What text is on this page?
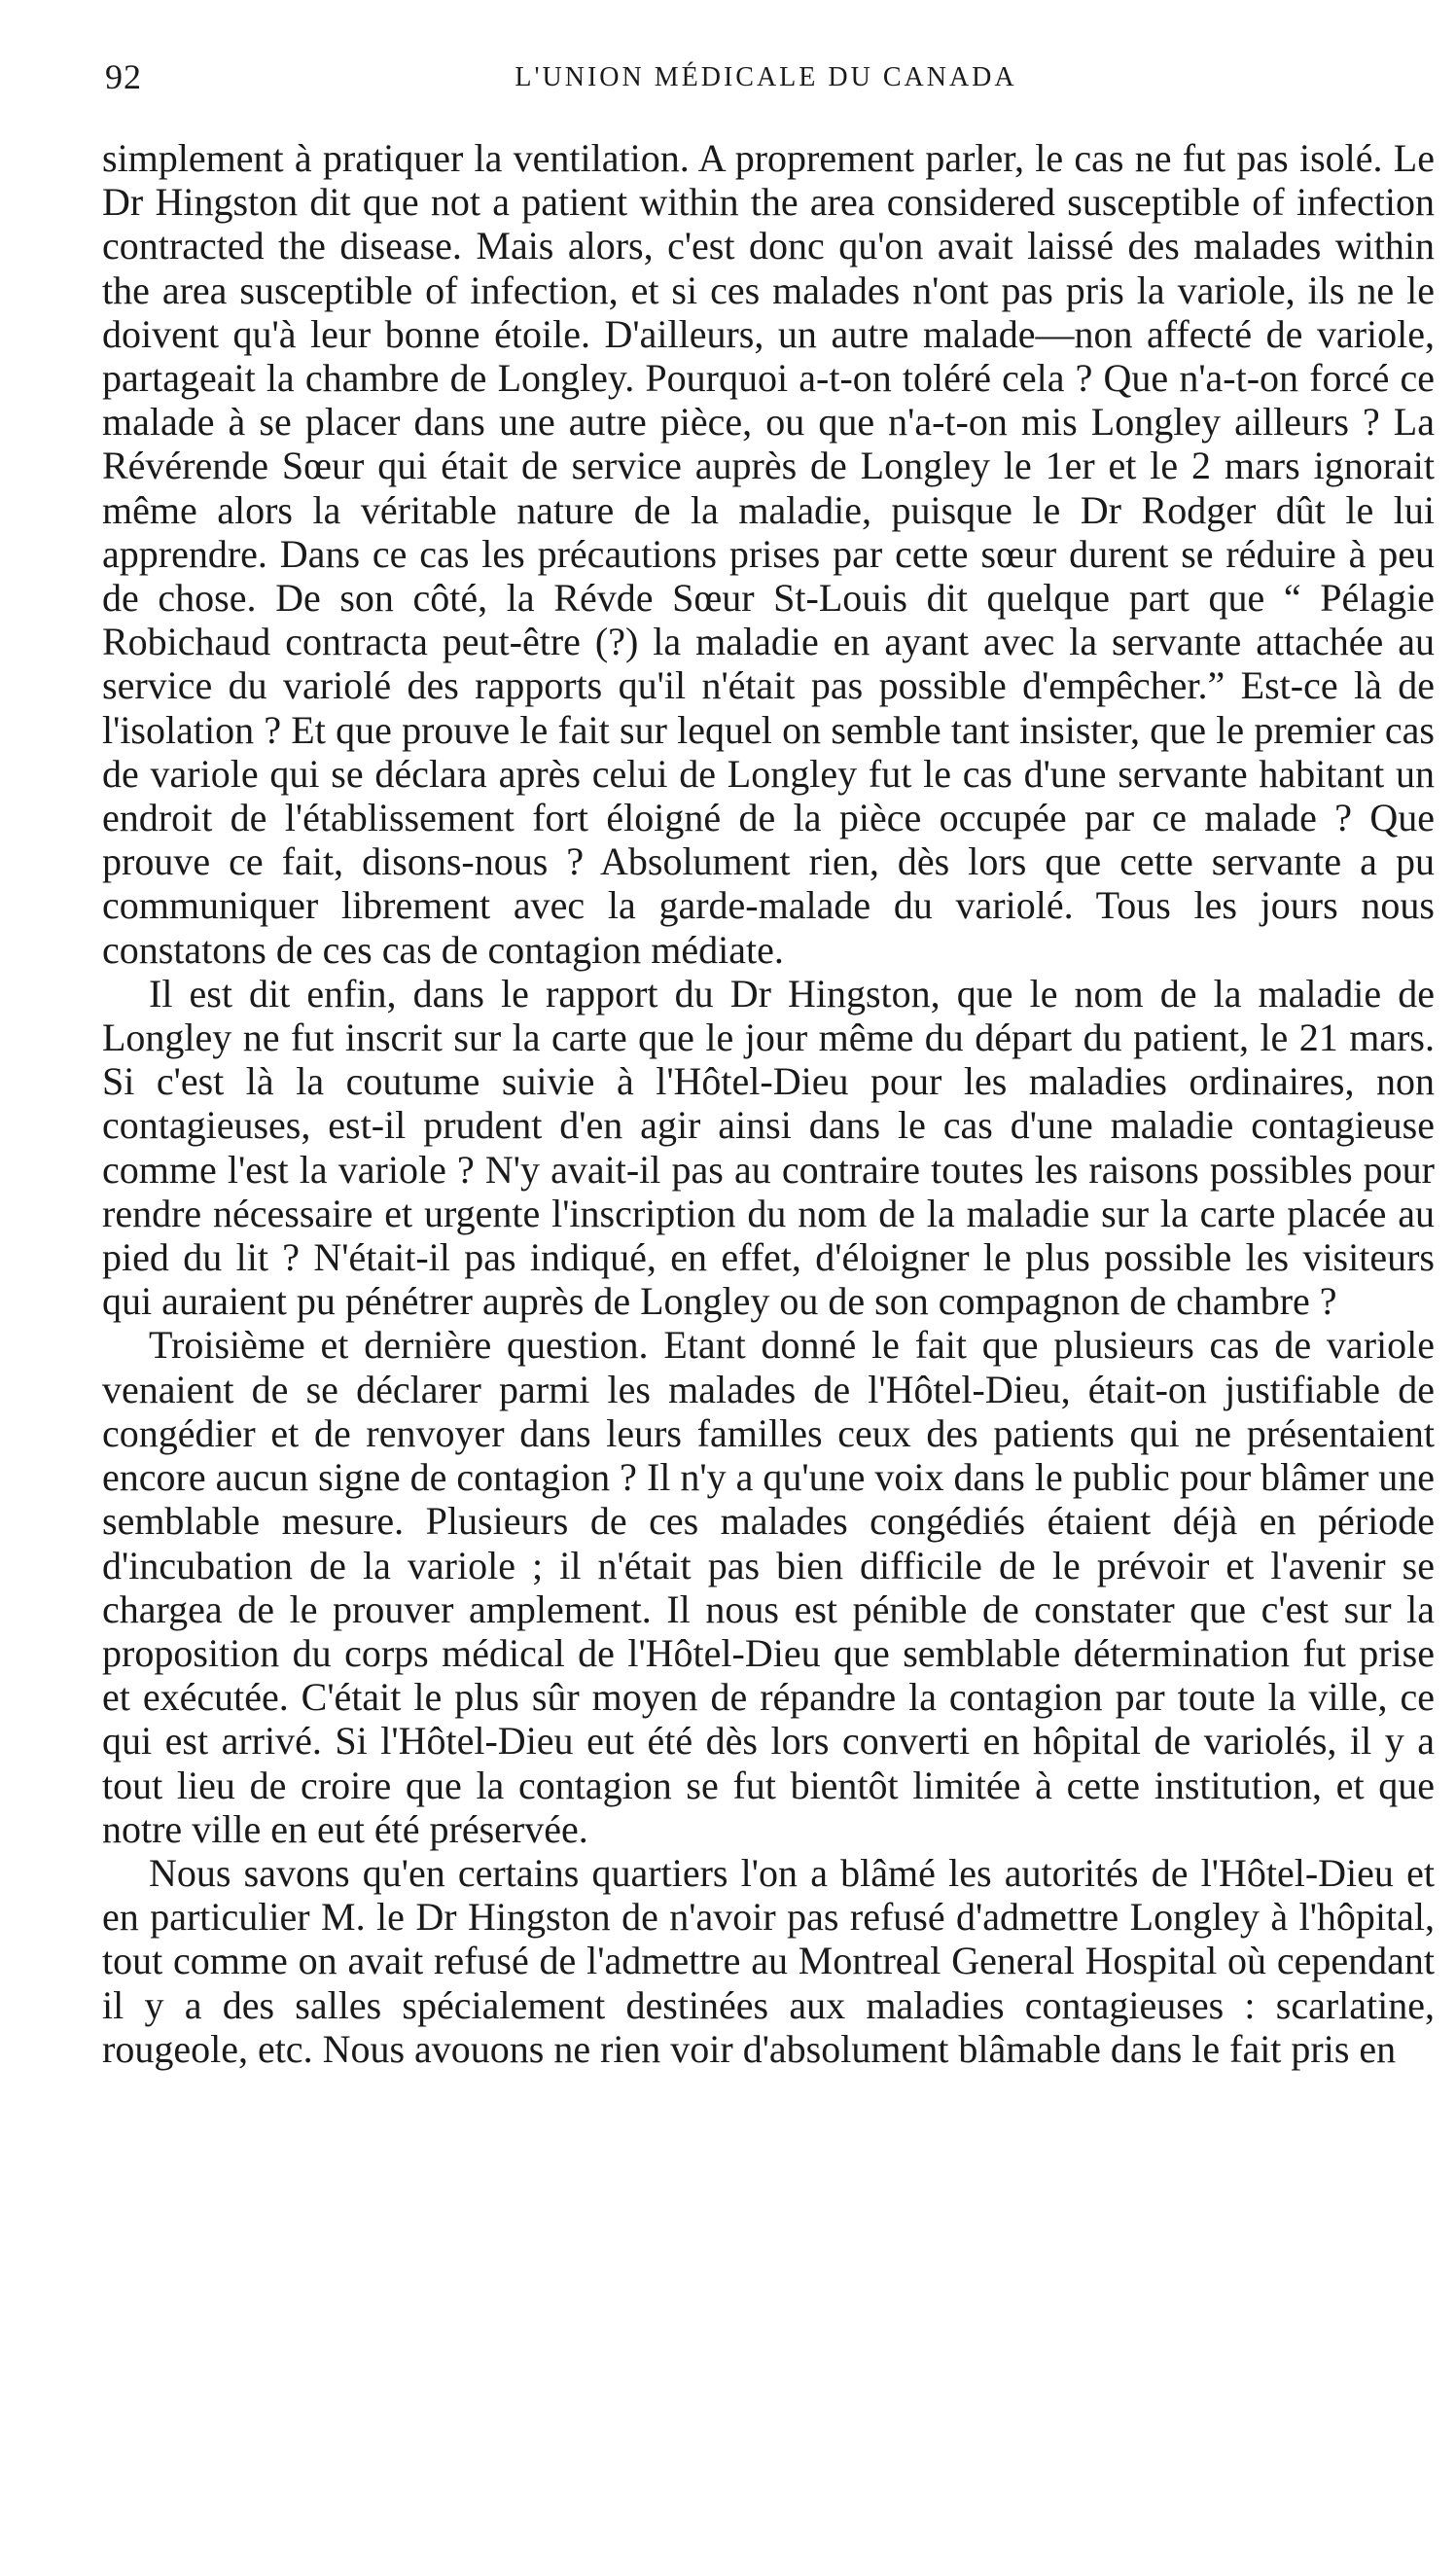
92	L'UNION MÉDICALE DU CANADA

simplement à pratiquer la ventilation. A proprement parler, le cas ne fut pas isolé. Le Dr Hingston dit que not a patient within the area considered susceptible of infection contracted the disease. Mais alors, c'est donc qu'on avait laissé des malades within the area susceptible of infection, et si ces malades n'ont pas pris la variole, ils ne le doivent qu'à leur bonne étoile. D'ailleurs, un autre malade—non affecté de variole, partageait la chambre de Longley. Pourquoi a-t-on toléré cela ? Que n'a-t-on forcé ce malade à se placer dans une autre pièce, ou que n'a-t-on mis Longley ailleurs ? La Révérende Sœur qui était de service auprès de Longley le 1er et le 2 mars ignorait même alors la véritable nature de la maladie, puisque le Dr Rodger dût le lui apprendre. Dans ce cas les précautions prises par cette sœur durent se réduire à peu de chose. De son côté, la Révde Sœur St-Louis dit quelque part que “ Pélagie Robichaud contracta peut-être (?) la maladie en ayant avec la servante attachée au service du variolé des rapports qu'il n'était pas possible d'empêcher.” Est-ce là de l'isolation ? Et que prouve le fait sur lequel on semble tant insister, que le premier cas de variole qui se déclara après celui de Longley fut le cas d'une servante habitant un endroit de l'établissement fort éloigné de la pièce occupée par ce malade ? Que prouve ce fait, disons-nous ? Absolument rien, dès lors que cette servante a pu communiquer librement avec la garde-malade du variolé. Tous les jours nous constatons de ces cas de contagion médiate.

Il est dit enfin, dans le rapport du Dr Hingston, que le nom de la maladie de Longley ne fut inscrit sur la carte que le jour même du départ du patient, le 21 mars. Si c'est là la coutume suivie à l'Hôtel-Dieu pour les maladies ordinaires, non contagieuses, est-il prudent d'en agir ainsi dans le cas d'une maladie contagieuse comme l'est la variole ? N'y avait-il pas au contraire toutes les raisons possibles pour rendre nécessaire et urgente l'inscription du nom de la maladie sur la carte placée au pied du lit ? N'était-il pas indiqué, en effet, d'éloigner le plus possible les visiteurs qui auraient pu pénétrer auprès de Longley ou de son compagnon de chambre ?

Troisième et dernière question. Etant donné le fait que plusieurs cas de variole venaient de se déclarer parmi les malades de l'Hôtel-Dieu, était-on justifiable de congédier et de renvoyer dans leurs familles ceux des patients qui ne présentaient encore aucun signe de contagion ? Il n'y a qu'une voix dans le public pour blâmer une semblable mesure. Plusieurs de ces malades congédiés étaient déjà en période d'incubation de la variole ; il n'était pas bien difficile de le prévoir et l'avenir se chargea de le prouver amplement. Il nous est pénible de constater que c'est sur la proposition du corps médical de l'Hôtel-Dieu que semblable détermination fut prise et exécutée. C'était le plus sûr moyen de répandre la contagion par toute la ville, ce qui est arrivé. Si l'Hôtel-Dieu eut été dès lors converti en hôpital de variolés, il y a tout lieu de croire que la contagion se fut bientôt limitée à cette institution, et que notre ville en eut été préservée.

Nous savons qu'en certains quartiers l'on a blâmé les autorités de l'Hôtel-Dieu et en particulier M. le Dr Hingston de n'avoir pas refusé d'admettre Longley à l'hôpital, tout comme on avait refusé de l'admettre au Montreal General Hospital où cependant il y a des salles spécialement destinées aux maladies contagieuses : scarlatine, rougeole, etc. Nous avouons ne rien voir d'absolument blâmable dans le fait pris en
